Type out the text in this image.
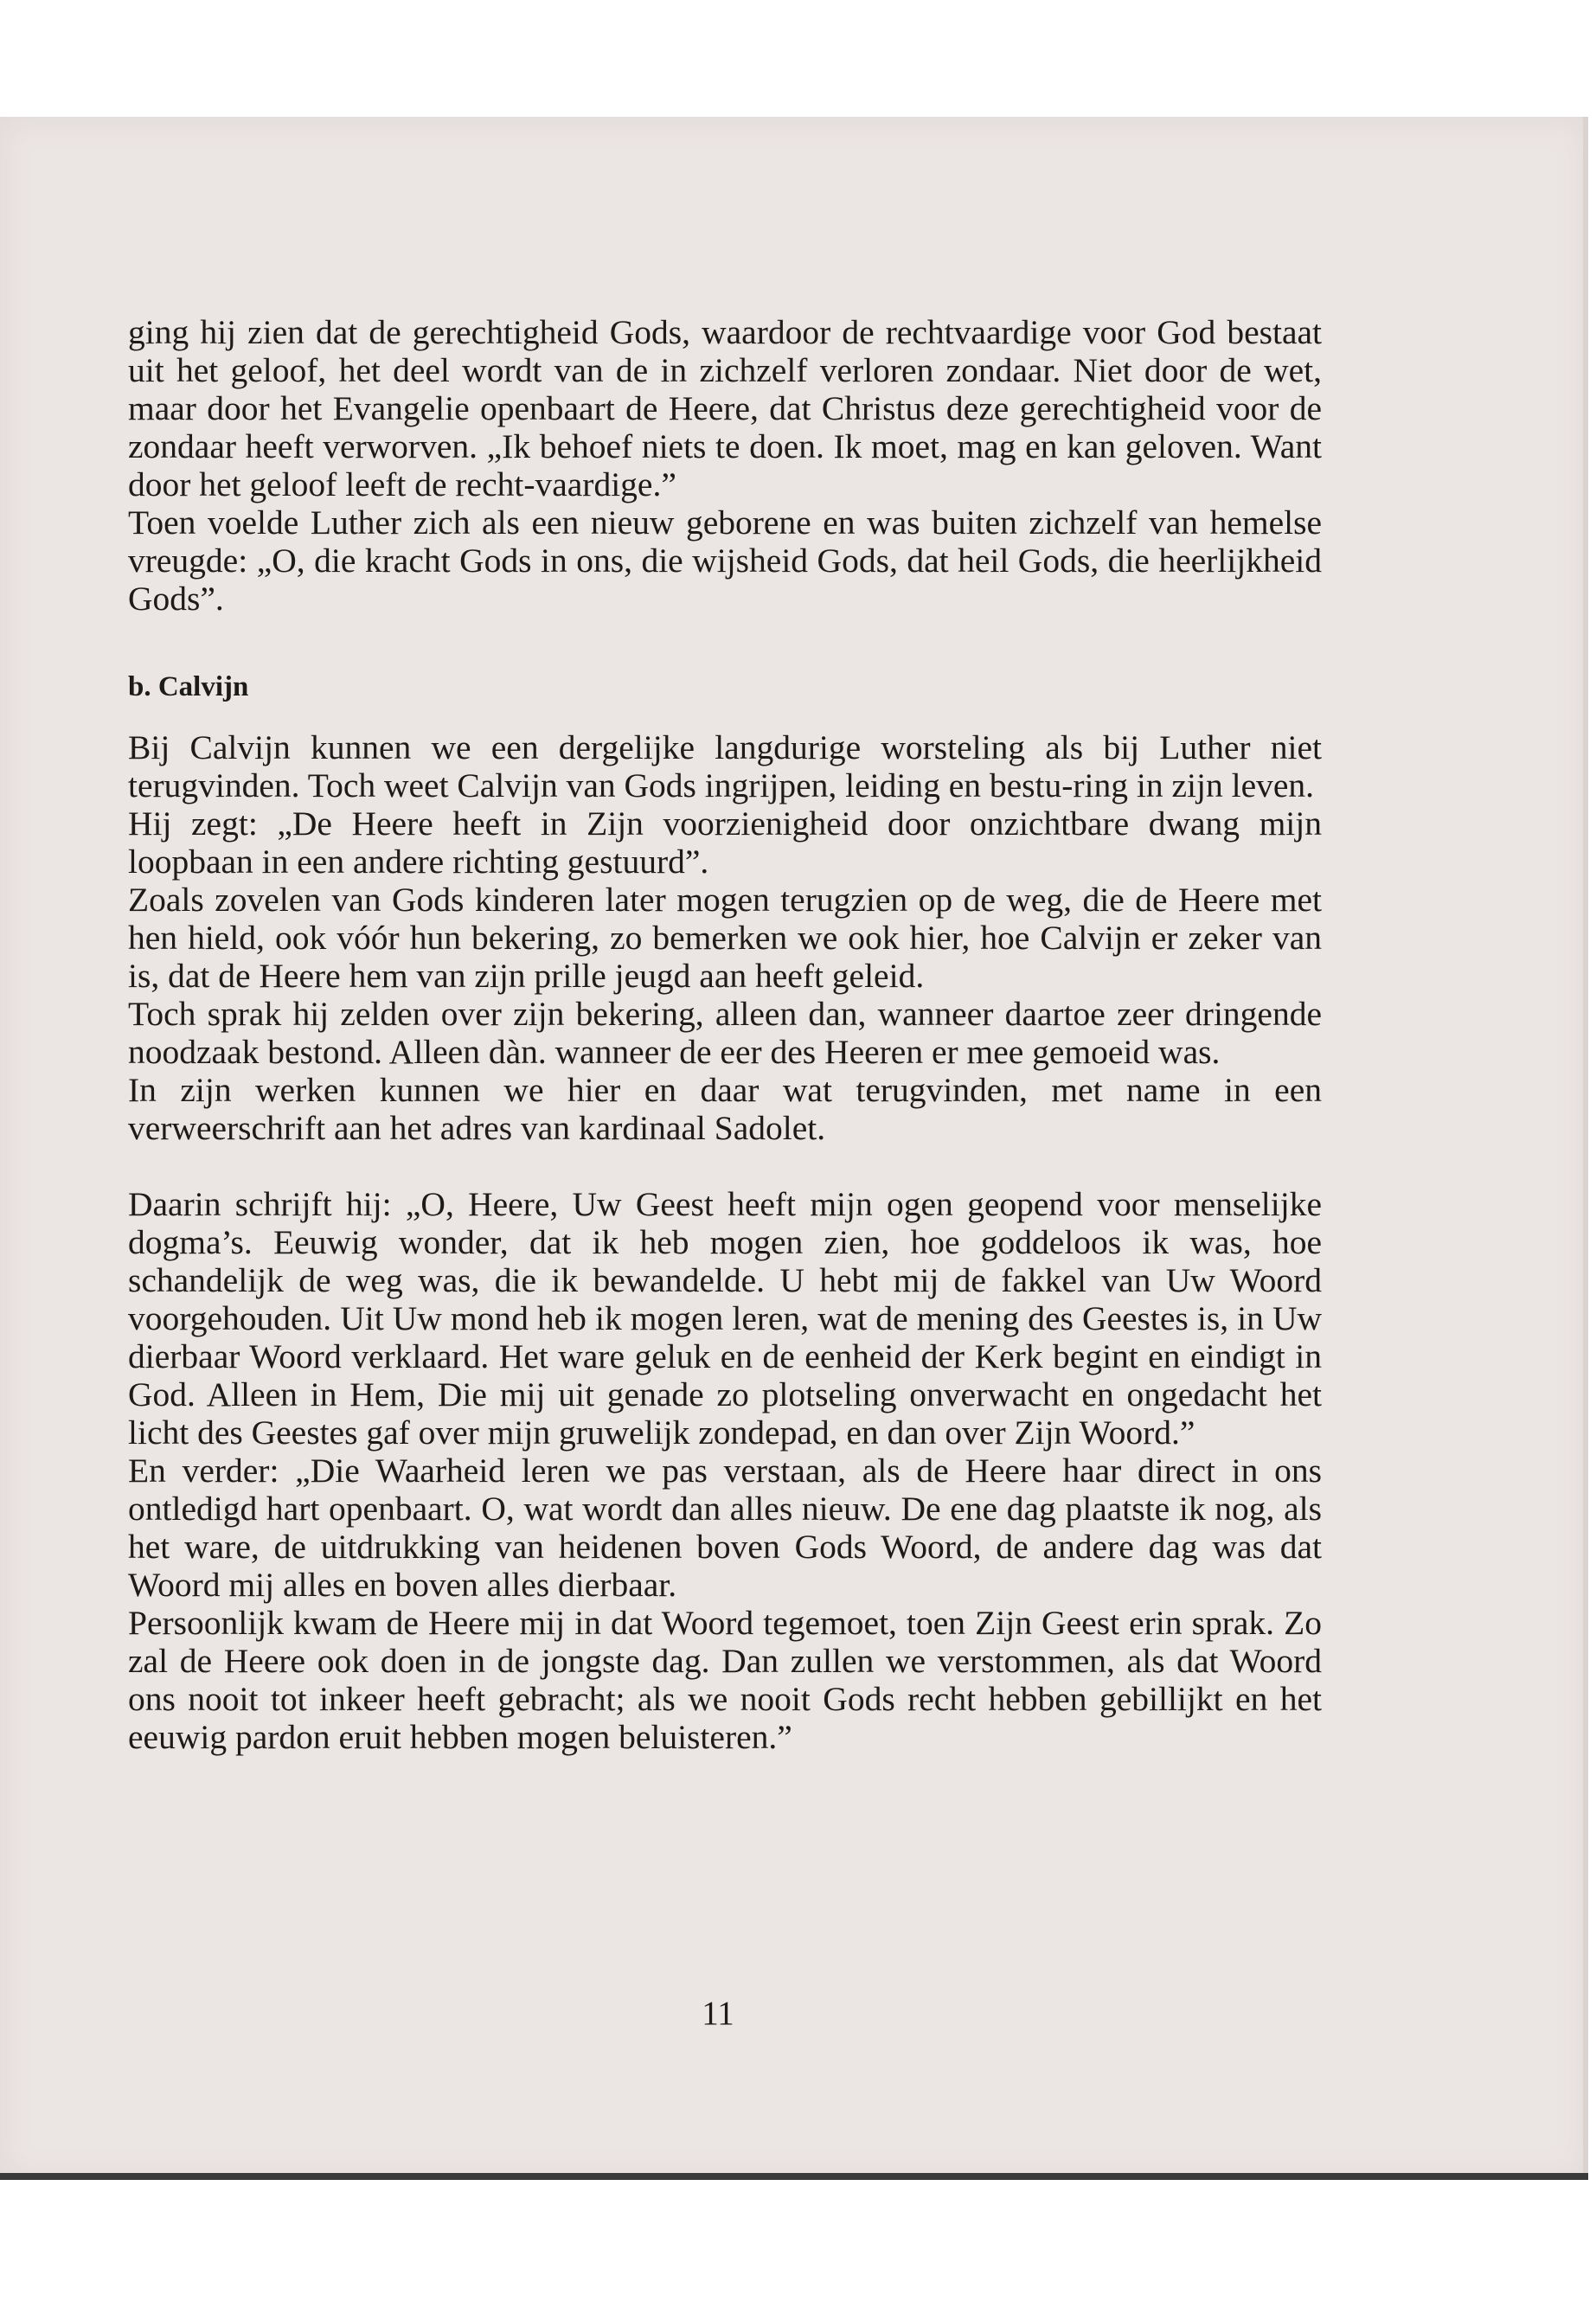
ging hij zien dat de gerechtigheid Gods, waardoor de rechtvaardige voor God bestaat uit het geloof, het deel wordt van de in zichzelf verloren zondaar. Niet door de wet, maar door het Evangelie openbaart de Heere, dat Christus deze gerechtigheid voor de zondaar heeft verworven. „Ik behoef niets te doen. Ik moet, mag en kan geloven. Want door het geloof leeft de recht-vaardige.”

Toen voelde Luther zich als een nieuw geborene en was buiten zichzelf van hemelse vreugde: „O, die kracht Gods in ons, die wijsheid Gods, dat heil Gods, die heerlijkheid Gods”.

b. Calvijn

Bij Calvijn kunnen we een dergelijke langdurige worsteling als bij Luther niet terugvinden. Toch weet Calvijn van Gods ingrijpen, leiding en bestu-ring in zijn leven.

Hij zegt: „De Heere heeft in Zijn voorzienigheid door onzichtbare dwang mijn loopbaan in een andere richting gestuurd”.

Zoals zovelen van Gods kinderen later mogen terugzien op de weg, die de Heere met hen hield, ook vóór hun bekering, zo bemerken we ook hier, hoe Calvijn er zeker van is, dat de Heere hem van zijn prille jeugd aan heeft geleid.

Toch sprak hij zelden over zijn bekering, alleen dan, wanneer daartoe zeer dringende noodzaak bestond. Alleen dàn. wanneer de eer des Heeren er mee gemoeid was.

In zijn werken kunnen we hier en daar wat terugvinden, met name in een verweerschrift aan het adres van kardinaal Sadolet.

Daarin schrijft hij: „O, Heere, Uw Geest heeft mijn ogen geopend voor menselijke dogma’s. Eeuwig wonder, dat ik heb mogen zien, hoe goddeloos ik was, hoe schandelijk de weg was, die ik bewandelde. U hebt mij de fakkel van Uw Woord voorgehouden. Uit Uw mond heb ik mogen leren, wat de mening des Geestes is, in Uw dierbaar Woord verklaard. Het ware geluk en de eenheid der Kerk begint en eindigt in God. Alleen in Hem, Die mij uit genade zo plotseling onverwacht en ongedacht het licht des Geestes gaf over mijn gruwelijk zondepad, en dan over Zijn Woord.”

En verder: „Die Waarheid leren we pas verstaan, als de Heere haar direct in ons ontledigd hart openbaart. O, wat wordt dan alles nieuw. De ene dag plaatste ik nog, als het ware, de uitdrukking van heidenen boven Gods Woord, de andere dag was dat Woord mij alles en boven alles dierbaar.

Persoonlijk kwam de Heere mij in dat Woord tegemoet, toen Zijn Geest erin sprak. Zo zal de Heere ook doen in de jongste dag. Dan zullen we verstommen, als dat Woord ons nooit tot inkeer heeft gebracht; als we nooit Gods recht hebben gebillijkt en het eeuwig pardon eruit hebben mogen beluisteren.”

11
